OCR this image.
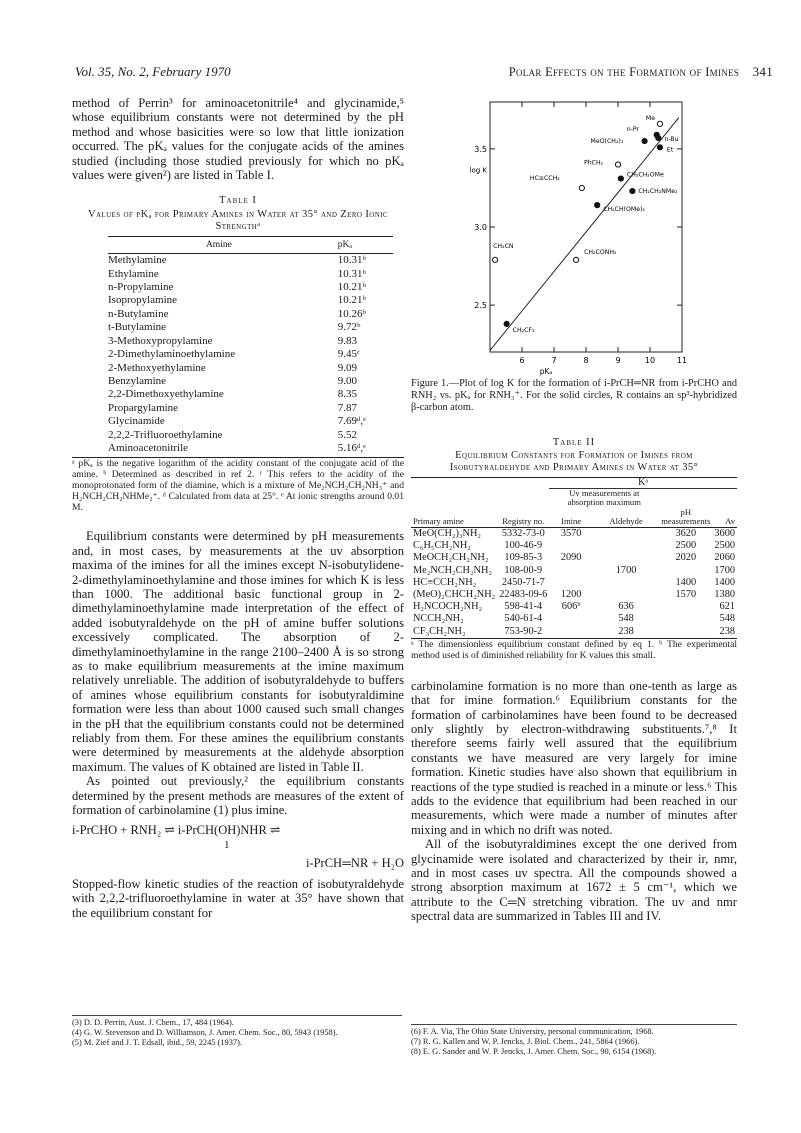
Vol. 35, No. 2, February 1970	Polar Effects on the Formation of Imines 341

method of Perrin³ for aminoacetonitrile⁴ and glycinamide,⁵ whose equilibrium constants were not determined by the pH method and whose basicities were so low that little ionization occurred. The pKₐ values for the conjugate acids of the amines studied (including those studied previously for which no pKₐ values were given²) are listed in Table I.

Table I
Values of pKₐ for Primary Amines in Water at 35° and Zero Ionic Strengthᵃ
Amine	pKₐ
Methylamine	10.31ᵇ
Ethylamine	10.31ᵇ
n-Propylamine	10.21ᵇ
Isopropylamine	10.21ᵇ
n-Butylamine	10.26ᵇ
t-Butylamine	9.72ᵇ
3-Methoxypropylamine	9.83
2-Dimethylaminoethylamine	9.45ᶜ
2-Methoxyethylamine	9.09
Benzylamine	9.00
2,2-Dimethoxyethylamine	8.35
Propargylamine	7.87
Glycinamide	7.69ᵈ,ᵉ
2,2,2-Trifluoroethylamine	5.52
Aminoacetonitrile	5.16ᵈ,ᵉ

ᵃ pKₐ is the negative logarithm of the acidity constant of the conjugate acid of the amine. ᵇ Determined as described in ref 2. ᶜ This refers to the acidity of the monoprotonated form of the diamine, which is a mixture of Me₂NCH₂CH₂NH₃⁺ and H₂NCH₂CH₂NHMe₂⁺. ᵈ Calculated from data at 25°. ᵉ At ionic strengths around 0.01 M.

Equilibrium constants were determined by pH measurements and, in most cases, by measurements at the uv absorption maxima of the imines for all the imines except N-isobutylidene-2-dimethylaminoethylamine and those imines for which K is less than 1000. The additional basic functional group in 2-dimethylaminoethylamine made interpretation of the effect of added isobutyraldehyde on the pH of amine buffer solutions excessively complicated. The absorption of 2-dimethylaminoethylamine in the range 2100–2400 Å is so strong as to make equilibrium measurements at the imine maximum relatively unreliable. The addition of isobutyraldehyde to buffers of amines whose equilibrium constants for isobutyraldimine formation were less than about 1000 caused such small changes in the pH that the equilibrium constants could not be determined reliably from them. For these amines the equilibrium constants were determined by measurements at the aldehyde absorption maximum. The values of K obtained are listed in Table II.

As pointed out previously,² the equilibrium constants determined by the present methods are measures of the extent of formation of carbinolamine (1) plus imine.

i-PrCHO + RNH₂ ⇌ i-PrCH(OH)NHR ⇌
1
i-PrCH═NR + H₂O

Stopped-flow kinetic studies of the reaction of isobutyraldehyde with 2,2,2-trifluoroethylamine in water at 35° have shown that the equilibrium constant for

(3) D. D. Perrin, Aust. J. Chem., 17, 484 (1964).
(4) G. W. Stevenson and D. Williamson, J. Amer. Chem. Soc., 80, 5943 (1958).
(5) M. Zief and J. T. Edsall, ibid., 59, 2245 (1937).
6	7	8	9	10	11
2.5
3.0
3.5
pKₐ
log K
Me
n-Pr
n-Bu
MeO(CH₂)₃
Et
PhCH₂
CH₂CH₂OMe
HC≡CCH₂
CH₂CH₂NMe₂
CH₂CH(OMe)₂
CH₂CN
CH₂CONH₂
CH₂CF₃

Figure 1.—Plot of log K for the formation of i-PrCH═NR from i-PrCHO and RNH₂ vs. pKₐ for RNH₃⁺. For the solid circles, R contains an sp³-hybridized β-carbon atom.

Table II
Equilibrium Constants for Formation of Imines from Isobutyraldehyde and Primary Amines in Water at 35°
		Kᵃ			
		Uv measurements at absorption maximum			
Primary amine	Registry no.	Imine	Aldehyde	pH measurements	Av
MeO(CH₂)₃NH₂	5332-73-0	3570		3620	3600
C₆H₅CH₂NH₂	100-46-9			2500	2500
MeOCH₂CH₂NH₂	109-85-3	2090		2020	2060
Me₂NCH₂CH₂NH₂	108-00-9		1700		1700
HC≡CCH₂NH₂	2450-71-7			1400	1400
(MeO)₂CHCH₂NH₂	22483-09-6	1200		1570	1380
H₂NCOCH₂NH₂	598-41-4	606ᵇ	636		621
NCCH₂NH₂	540-61-4		548		548
CF₃CH₂NH₂	753-90-2		238		238

ᵃ The dimensionless equilibrium constant defined by eq 1. ᵇ The experimental method used is of diminished reliability for K values this small.

carbinolamine formation is no more than one-tenth as large as that for imine formation.⁶ Equilibrium constants for the formation of carbinolamines have been found to be decreased only slightly by electron-withdrawing substituents.⁷,⁸ It therefore seems fairly well assured that the equilibrium constants we have measured are very largely for imine formation. Kinetic studies have also shown that equilibrium in reactions of the type studied is reached in a minute or less.⁶ This adds to the evidence that equilibrium had been reached in our measurements, which were made a number of minutes after mixing and in which no drift was noted.

All of the isobutyraldimines except the one derived from glycinamide were isolated and characterized by their ir, nmr, and in most cases uv spectra. All the compounds showed a strong absorption maximum at 1672 ± 5 cm⁻¹, which we attribute to the C═N stretching vibration. The uv and nmr spectral data are summarized in Tables III and IV.

(6) F. A. Via, The Ohio State University, personal communication, 1968.
(7) R. G. Kallen and W. P. Jencks, J. Biol. Chem., 241, 5864 (1966).
(8) E. G. Sander and W. P. Jencks, J. Amer. Chem. Soc., 90, 6154 (1968).
